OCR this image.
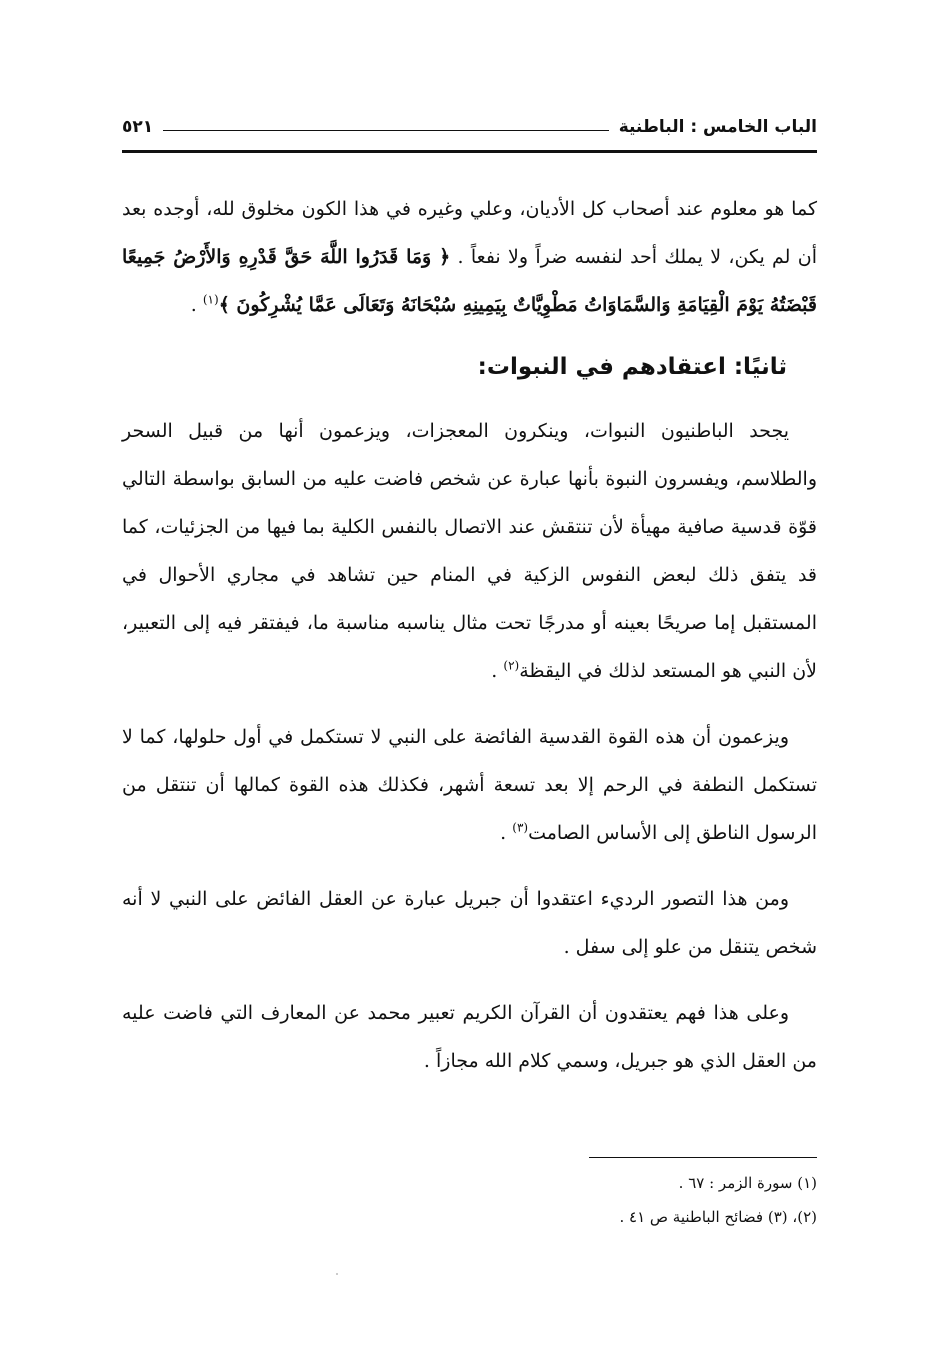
الباب الخامس : الباطنية
٥٢١

كما هو معلوم عند أصحاب كل الأديان، وعلي وغيره في هذا الكون مخلوق لله، أوجده بعد أن لم يكن، لا يملك أحد لنفسه ضراً ولا نفعاً . ﴿ وَمَا قَدَرُوا اللَّهَ حَقَّ قَدْرِهِ وَالأَرْضُ جَمِيعًا قَبْضَتُهُ يَوْمَ الْقِيَامَةِ وَالسَّمَاوَاتُ مَطْوِيَّاتٌ بِيَمِينِهِ سُبْحَانَهُ وَتَعَالَى عَمَّا يُشْرِكُونَ ﴾$^{(١)}$ .

ثانيًا: اعتقادهم في النبوات:

يجحد الباطنيون النبوات، وينكرون المعجزات، ويزعمون أنها من قبيل السحر والطلاسم، ويفسرون النبوة بأنها عبارة عن شخص فاضت عليه من السابق بواسطة التالي قوّة قدسية صافية مهيأة لأن تنتقش عند الاتصال بالنفس الكلية بما فيها من الجزئيات، كما قد يتفق ذلك لبعض النفوس الزكية في المنام حين تشاهد في مجاري الأحوال في المستقبل إما صريحًا بعينه أو مدرجًا تحت مثال يناسبه مناسبة ما، فيفتقر فيه إلى التعبير، لأن النبي هو المستعد لذلك في اليقظة$^{(٢)}$ .

ويزعمون أن هذه القوة القدسية الفائضة على النبي لا تستكمل في أول حلولها، كما لا تستكمل النطفة في الرحم إلا بعد تسعة أشهر، فكذلك هذه القوة كمالها أن تنتقل من الرسول الناطق إلى الأساس الصامت$^{(٣)}$ .

ومن هذا التصور الرديء اعتقدوا أن جبريل عبارة عن العقل الفائض على النبي لا أنه شخص يتنقل من علو إلى سفل .

وعلى هذا فهم يعتقدون أن القرآن الكريم تعبير محمد عن المعارف التي فاضت عليه من العقل الذي هو جبريل، وسمي كلام الله مجازاً .

(١) سورة الزمر : ٦٧ .
(٢)، (٣) فضائح الباطنية ص ٤١ .
